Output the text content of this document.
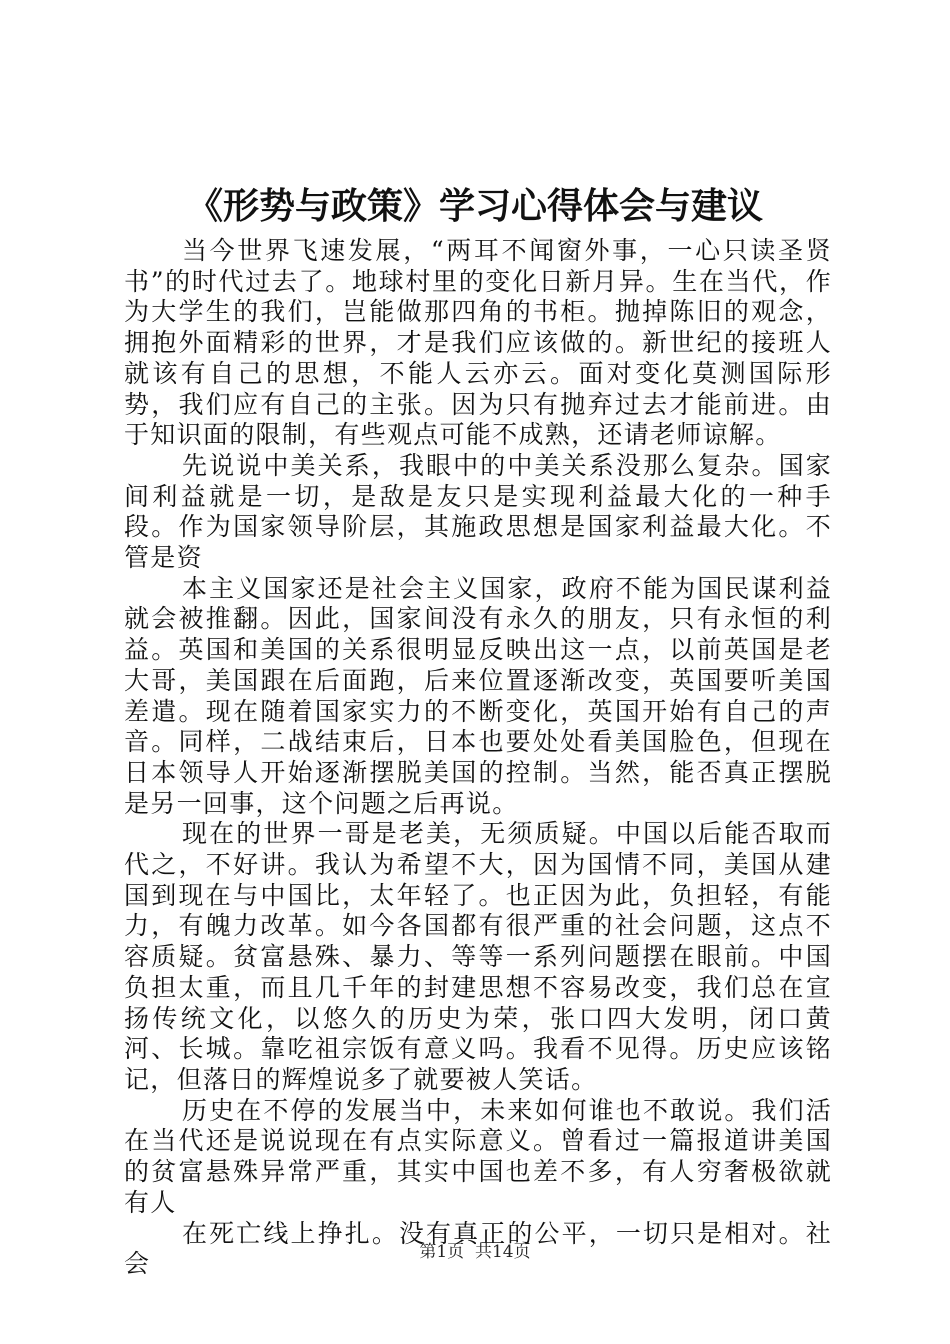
《形势与政策》学习心得体会与建议

当今世界飞速发展，“两耳不闻窗外事，一心只读圣贤书”的时代过去了。地球村里的变化日新月异。生在当代，作为大学生的我们，岂能做那四角的书柜。抛掉陈旧的观念，拥抱外面精彩的世界，才是我们应该做的。新世纪的接班人就该有自己的思想，不能人云亦云。面对变化莫测国际形势，我们应有自己的主张。因为只有抛弃过去才能前进。由于知识面的限制，有些观点可能不成熟，还请老师谅解。

先说说中美关系，我眼中的中美关系没那么复杂。国家间利益就是一切，是敌是友只是实现利益最大化的一种手段。作为国家领导阶层，其施政思想是国家利益最大化。不管是资

本主义国家还是社会主义国家，政府不能为国民谋利益就会被推翻。因此，国家间没有永久的朋友，只有永恒的利益。英国和美国的关系很明显反映出这一点，以前英国是老大哥，美国跟在后面跑，后来位置逐渐改变，英国要听美国差遣。现在随着国家实力的不断变化，英国开始有自己的声音。同样，二战结束后，日本也要处处看美国脸色，但现在日本领导人开始逐渐摆脱美国的控制。当然，能否真正摆脱是另一回事，这个问题之后再说。

现在的世界一哥是老美，无须质疑。中国以后能否取而代之，不好讲。我认为希望不大，因为国情不同，美国从建国到现在与中国比，太年轻了。也正因为此，负担轻，有能力，有魄力改革。如今各国都有很严重的社会问题，这点不容质疑。贫富悬殊、暴力、等等一系列问题摆在眼前。中国负担太重，而且几千年的封建思想不容易改变，我们总在宣扬传统文化，以悠久的历史为荣，张口四大发明，闭口黄河、长城。靠吃祖宗饭有意义吗。我看不见得。历史应该铭记，但落日的辉煌说多了就要被人笑话。

历史在不停的发展当中，未来如何谁也不敢说。我们活在当代还是说说现在有点实际意义。曾看过一篇报道讲美国的贫富悬殊异常严重，其实中国也差不多，有人穷奢极欲就有人

在死亡线上挣扎。没有真正的公平，一切只是相对。社会	第1页  共14页
